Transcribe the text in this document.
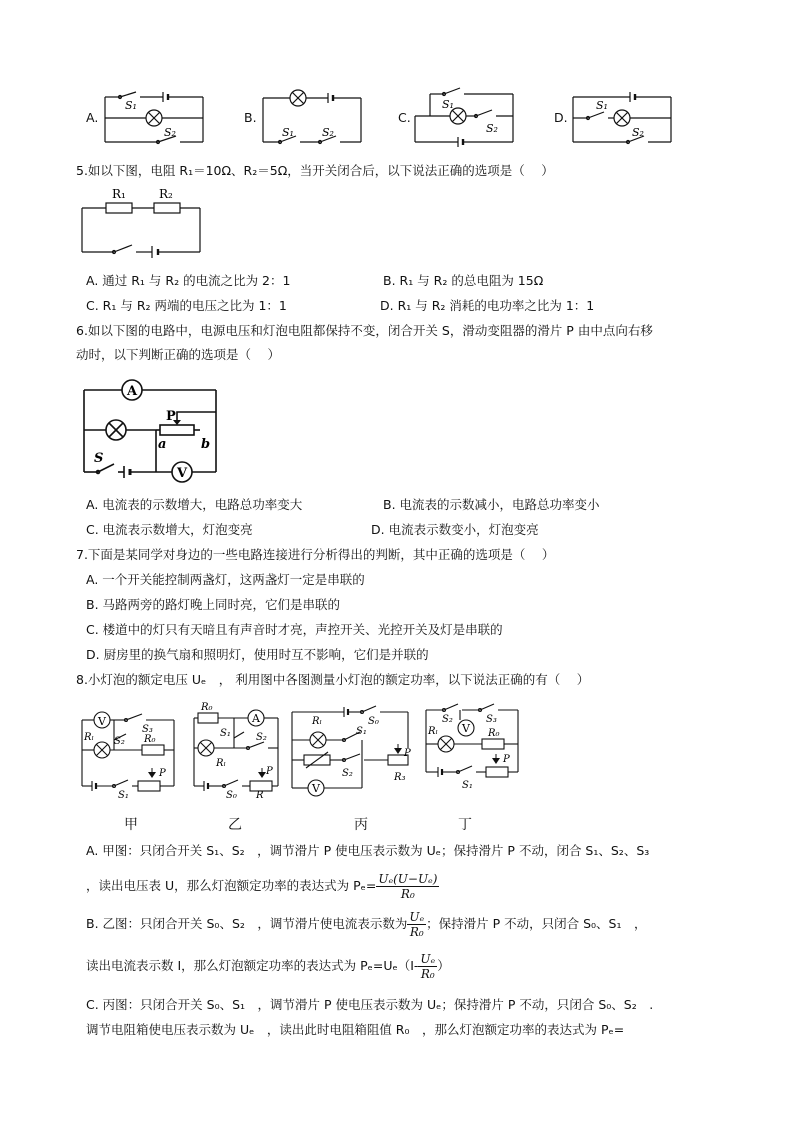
A.
S₁
S₂
B.
S₁	S₂
C.
S₁
S₂
D.
S₁
S₂
5.如以下图，电阻 R₁＝10Ω、R₂＝5Ω，当开关闭合后，以下说法正确的选项是（　 ）
R₁	R₂
A. 通过 R₁ 与 R₂ 的电流之比为 2：1	B. R₁ 与 R₂ 的总电阻为 15Ω
C. R₁ 与 R₂ 两端的电压之比为 1：1	D. R₁ 与 R₂ 消耗的电功率之比为 1：1
6.如以下图的电路中，电源电压和灯泡电阻都保持不变，闭合开关 S，滑动变阻器的滑片 P 由中点向右移
动时，以下判断正确的选项是（　 ）
A
V
S
P
a	b
A. 电流表的示数增大，电路总功率变大	B. 电流表的示数减小，电路总功率变小
C. 电流表示数增大，灯泡变亮	D. 电流表示数变小，灯泡变亮
7.下面是某同学对身边的一些电路连接进行分析得出的判断，其中正确的选项是（　 ）
A. 一个开关能控制两盏灯，这两盏灯一定是串联的
B. 马路两旁的路灯晚上同时亮，它们是串联的
C. 楼道中的灯只有天暗且有声音时才亮，声控开关、光控开关及灯是串联的
D. 厨房里的换气扇和照明灯，使用时互不影响，它们是并联的
8.小灯泡的额定电压 Uₑ　， 利用图中各图测量小灯泡的额定功率，以下说法正确的有（　 ）
V
S₃
Rₗ S₂ R₀
P
S₁
R₀
A
S₁	S₂
Rₗ
S₀ R
P
Rₗ	S₀
S₁
S₂
P
R₃
V
S₂	S₃
V
Rₗ	R₀
P
S₁
甲	乙	丙	丁
A. 甲图：只闭合开关 S₁、S₂　，调节滑片 P 使电压表示数为 Uₑ；保持滑片 P 不动，闭合 S₁、S₂、S₃
，读出电压表 U，那么灯泡额定功率的表达式为 $P_e= \frac{\text{Uₑ(U−Uₑ)}}{\text{R₀}}$
B. 乙图：只闭合开关 S₀、S₂　，调节滑片使电流表示数为 $\frac{\text{Uₑ}}{\text{R₀}}$ ；保持滑片 P 不动，只闭合 S₀、S₁　，
读出电流表示数 I，那么灯泡额定功率的表达式为 $P_e=U_e(I- \frac{\text{Uₑ}}{\text{R₀}}$ ）
C. 丙图：只闭合开关 S₀、S₁　，调节滑片 P 使电压表示数为 Uₑ；保持滑片 P 不动，只闭合 S₀、S₂　.
调节电阻箱使电压表示数为 Uₑ　，读出此时电阻箱阻值 R₀　，那么灯泡额定功率的表达式为 Pₑ=
